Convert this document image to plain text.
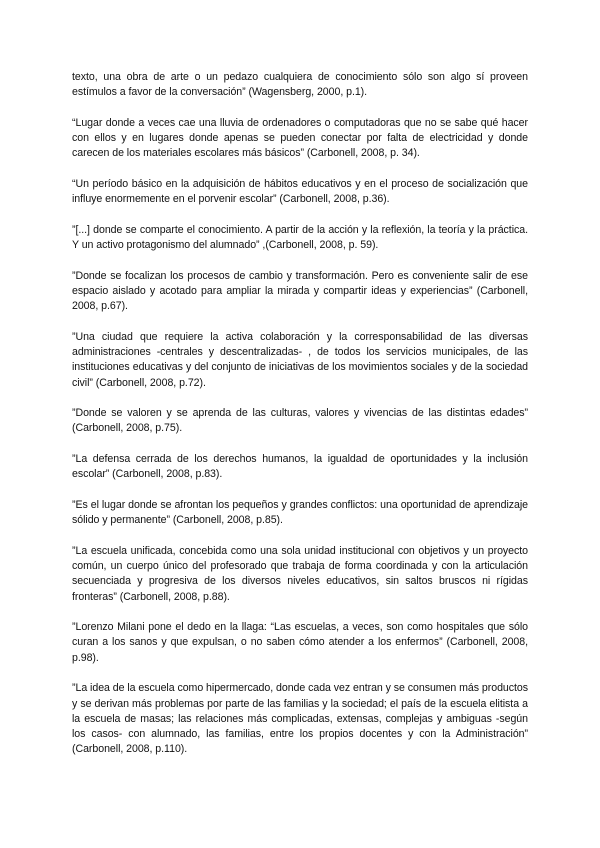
texto, una obra de arte o un pedazo cualquiera de conocimiento sólo son algo sí proveen estímulos a favor de la conversación” (Wagensberg, 2000, p.1).

“Lugar donde a veces cae una lluvia de ordenadores o computadoras que no se sabe qué hacer con ellos y en lugares donde apenas se pueden conectar por falta de electricidad y donde carecen de los materiales escolares más básicos” (Carbonell, 2008, p. 34).

“Un período básico en la adquisición de hábitos educativos y en el proceso de socialización que influye enormemente en el porvenir escolar” (Carbonell, 2008, p.36).

”[...] donde se comparte el conocimiento. A partir de la acción y la reflexión, la teoría y la práctica. Y un activo protagonismo del alumnado” ,(Carbonell, 2008, p. 59).

”Donde se focalizan los procesos de cambio y transformación. Pero es conveniente salir de ese espacio aislado y acotado para ampliar la mirada y compartir ideas y experiencias” (Carbonell, 2008, p.67).

”Una ciudad que requiere la activa colaboración y la corresponsabilidad de las diversas administraciones -centrales y descentralizadas- , de todos los servicios municipales, de las instituciones educativas y del conjunto de iniciativas de los movimientos sociales y de la sociedad civil” (Carbonell, 2008, p.72).

”Donde se valoren y se aprenda de las culturas, valores y vivencias de las distintas edades” (Carbonell, 2008, p.75).

”La defensa cerrada de los derechos humanos, la igualdad de oportunidades y la inclusión escolar” (Carbonell, 2008, p.83).

”Es el lugar donde se afrontan los pequeños y grandes conflictos: una oportunidad de aprendizaje sólido y permanente” (Carbonell, 2008, p.85).

”La escuela unificada, concebida como una sola unidad institucional con objetivos y un proyecto común, un cuerpo único del profesorado que trabaja de forma coordinada y con la articulación secuenciada y progresiva de los diversos niveles educativos, sin saltos bruscos ni rígidas fronteras” (Carbonell, 2008, p.88).

”Lorenzo Milani pone el dedo en la llaga: “Las escuelas, a veces, son como hospitales que sólo curan a los sanos y que expulsan, o no saben cómo atender a los enfermos” (Carbonell, 2008, p.98).

”La idea de la escuela como hipermercado, donde cada vez entran y se consumen más productos y se derivan más problemas por parte de las familias y la sociedad; el país de la escuela elitista a la escuela de masas; las relaciones más complicadas, extensas, complejas y ambiguas -según los casos- con alumnado, las familias, entre los propios docentes y con la Administración” (Carbonell, 2008, p.110).
